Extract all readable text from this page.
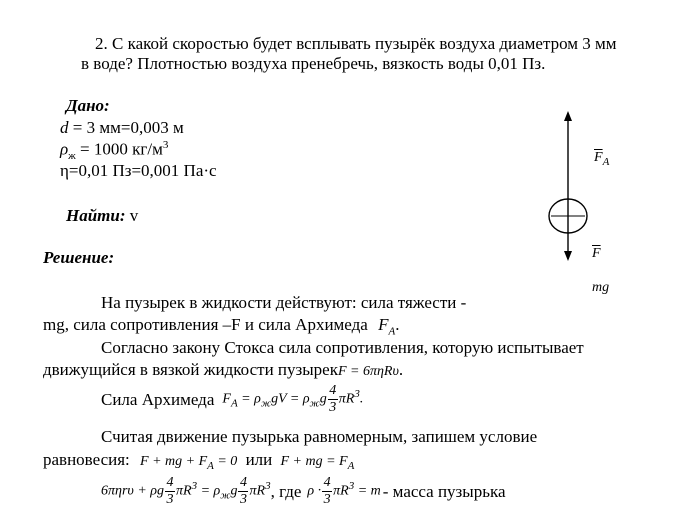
2. С какой скоростью будет всплывать пузырёк воздуха диаметром 3 мм
в воде? Плотностью воздуха пренебречь, вязкость воды 0,01 Пз.
Дано:
d = 3 мм=0,003 м
$\rho_ж = 1000$ $кг/м^3$
η=0,01 Пз=0,001 Па·с
Найти: v
Решение:
$\overline{F}_A$
$\overline{F}$
mg
На пузырек в жидкости действуют: сила тяжести -
mg, сила сопротивления –F и сила Архимеда $F_A$.
Согласно закону Стокса сила сопротивления, которую испытывает
движущийся в вязкой жидкости пузырекF = 6πηRυ.
Сила Архимеда $F_A = \rho_жgV = \rho_жg \frac{4}{3} \pi R^3$.
Считая движение пузырька равномерным, запишем условие
равновесия: F + mg + $F_A = 0$ или F + mg = $F_A$
6πηrυ + ρg $\frac{4}{3} \pi R^3 = \rho_жg \frac{4}{3} \pi R^3$ , где $\rho \cdot \frac{4}{3} \pi R^3 = m$ - масса пузырька
